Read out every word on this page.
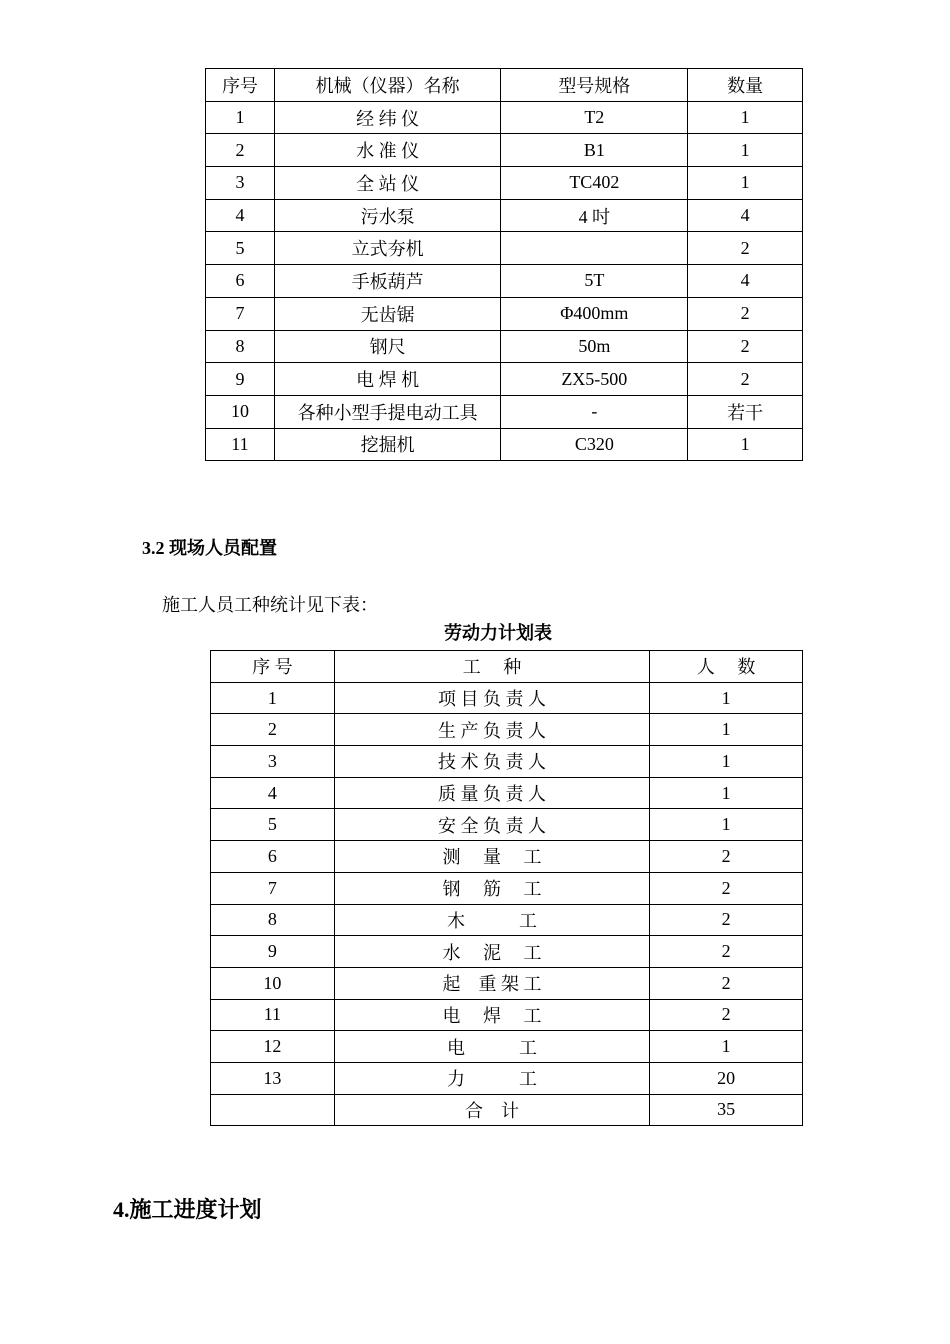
序号	机械（仪器）名称	型号规格	数量
1	经 纬 仪	T2	1
2	水 准 仪	B1	1
3	全 站 仪	TC402	1
4	污水泵	4 吋	4
5	立式夯机		2
6	手板葫芦	5T	4
7	无齿锯	Φ400mm	2
8	钢尺	50m	2
9	电 焊 机	ZX5-500	2
10	各种小型手提电动工具	-	若干
11	挖掘机	C320	1
3.2 现场人员配置
施工人员工种统计见下表：
劳动力计划表
序 号	工　 种	人　 数
1	项 目 负 责 人	1
2	生 产 负 责 人	1
3	技 术 负 责 人	1
4	质 量 负 责 人	1
5	安 全 负 责 人	1
6	测　 量　 工	2
7	钢　 筋　 工	2
8	木　　　工	2
9	水　 泥　 工	2
10	起　重 架 工	2
11	电　 焊　 工	2
12	电　　　工	1
13	力　　　工	20
	合　计	35
4.施工进度计划
